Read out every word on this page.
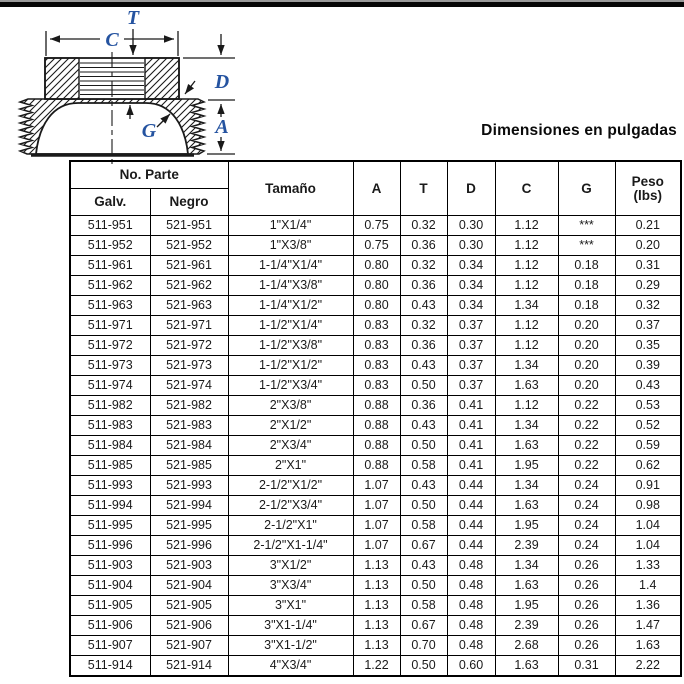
C
T
D
A
G	Dimensiones en pulgadas
No. Parte		Tamaño	A	T	D	C	G	Peso
(lbs)

Galv.	Negro							
511-951	521-951	1"X1/4"	0.75	0.32	0.30	1.12	***	0.21
511-952	521-952	1"X3/8"	0.75	0.36	0.30	1.12	***	0.20
511-961	521-961	1-1/4"X1/4"	0.80	0.32	0.34	1.12	0.18	0.31
511-962	521-962	1-1/4"X3/8"	0.80	0.36	0.34	1.12	0.18	0.29
511-963	521-963	1-1/4"X1/2"	0.80	0.43	0.34	1.34	0.18	0.32
511-971	521-971	1-1/2"X1/4"	0.83	0.32	0.37	1.12	0.20	0.37
511-972	521-972	1-1/2"X3/8"	0.83	0.36	0.37	1.12	0.20	0.35
511-973	521-973	1-1/2"X1/2"	0.83	0.43	0.37	1.34	0.20	0.39
511-974	521-974	1-1/2"X3/4"	0.83	0.50	0.37	1.63	0.20	0.43
511-982	521-982	2"X3/8"	0.88	0.36	0.41	1.12	0.22	0.53
511-983	521-983	2"X1/2"	0.88	0.43	0.41	1.34	0.22	0.52
511-984	521-984	2"X3/4"	0.88	0.50	0.41	1.63	0.22	0.59
511-985	521-985	2"X1"	0.88	0.58	0.41	1.95	0.22	0.62
511-993	521-993	2-1/2"X1/2"	1.07	0.43	0.44	1.34	0.24	0.91
511-994	521-994	2-1/2"X3/4"	1.07	0.50	0.44	1.63	0.24	0.98
511-995	521-995	2-1/2"X1"	1.07	0.58	0.44	1.95	0.24	1.04
511-996	521-996	2-1/2"X1-1/4"	1.07	0.67	0.44	2.39	0.24	1.04
511-903	521-903	3"X1/2"	1.13	0.43	0.48	1.34	0.26	1.33
511-904	521-904	3"X3/4"	1.13	0.50	0.48	1.63	0.26	1.4
511-905	521-905	3"X1"	1.13	0.58	0.48	1.95	0.26	1.36
511-906	521-906	3"X1-1/4"	1.13	0.67	0.48	2.39	0.26	1.47
511-907	521-907	3"X1-1/2"	1.13	0.70	0.48	2.68	0.26	1.63
511-914	521-914	4"X3/4"	1.22	0.50	0.60	1.63	0.31	2.22
